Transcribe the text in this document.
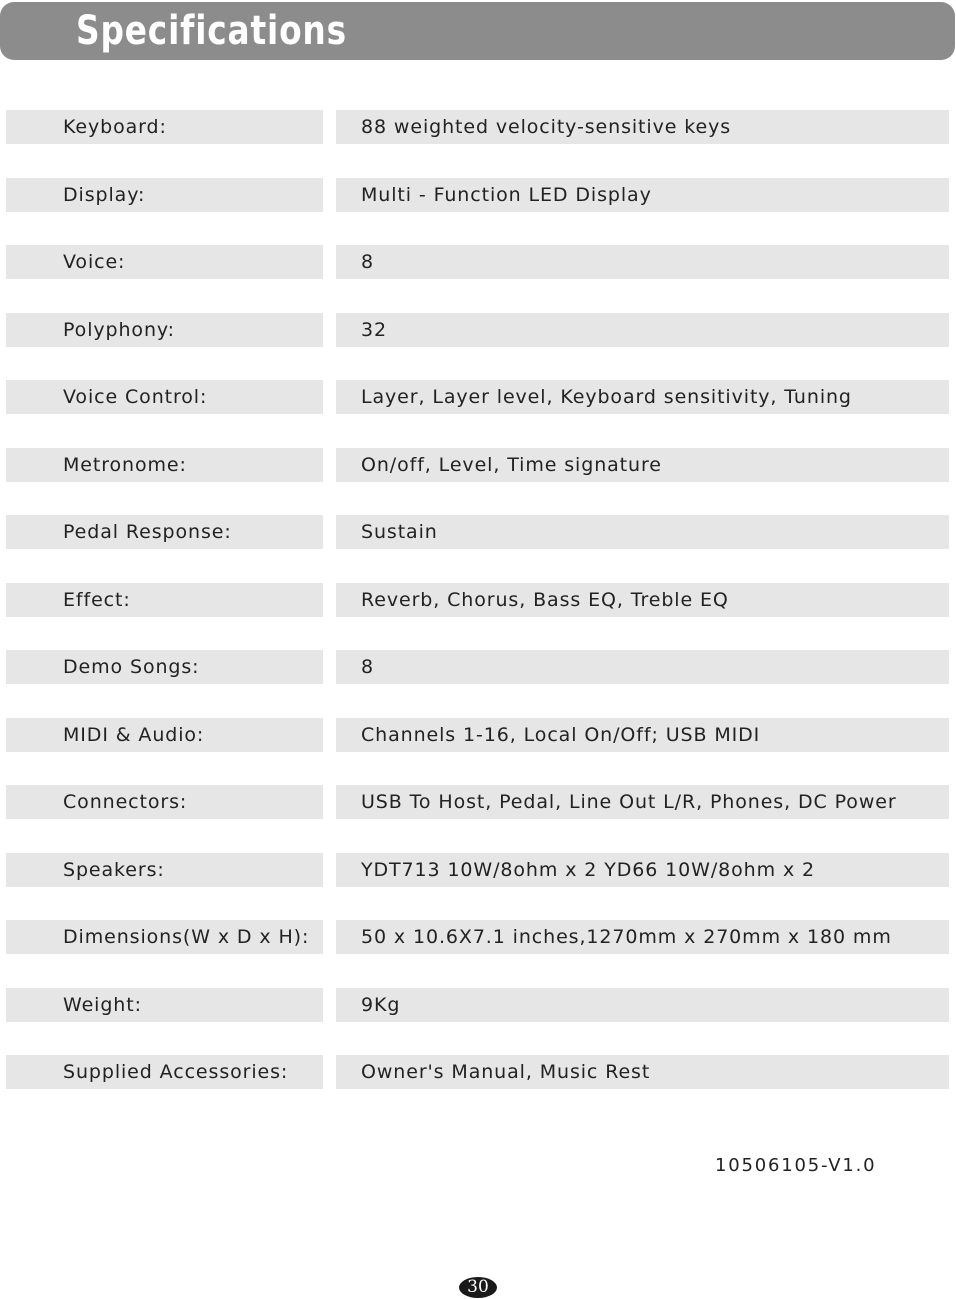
Specifications
Keyboard:	88 weighted velocity-sensitive keys
Display:	Multi - Function LED Display
Voice:	8
Polyphony:	32
Voice Control:	Layer, Layer level, Keyboard sensitivity, Tuning
Metronome:	On/off, Level, Time signature
Pedal Response:	Sustain
Effect:	Reverb, Chorus, Bass EQ, Treble EQ
Demo Songs:	8
MIDI & Audio:	Channels 1-16, Local On/Off; USB MIDI
Connectors:	USB To Host, Pedal, Line Out L/R, Phones, DC Power
Speakers:	YDT713 10W/8ohm x 2 YD66 10W/8ohm x 2
Dimensions(W x D x H):	50 x 10.6X7.1 inches,1270mm x 270mm x 180 mm
Weight:	9Kg
Supplied Accessories:	Owner's Manual, Music Rest
10506105-V1.0
30
